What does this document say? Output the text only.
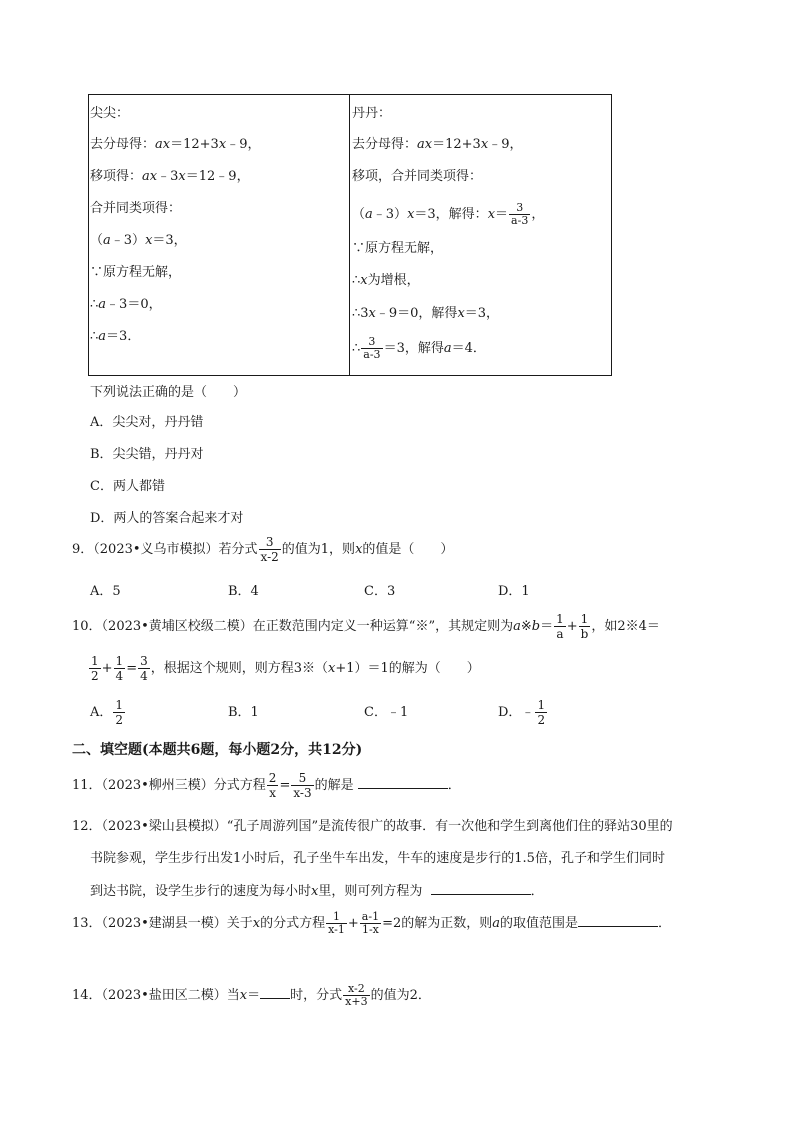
尖尖：
去分母得：ax＝12+3x﹣9，
移项得：ax﹣3x＝12﹣9，
合并同类项得：
（a﹣3）x＝3，
∵原方程无解，
∴a﹣3＝0，
∴a＝3．
丹丹：
去分母得：ax＝12+3x﹣9，
移项，合并同类项得：
（a﹣3）x＝3，解得：$x= \frac{3}{a-3}$ ，
∵原方程无解，
∴x为增根，
∴3x﹣9＝0，解得x＝3，
∴ $\frac{3}{a-3} =3$，解得a＝4．
下列说法正确的是（　　）
A．尖尖对，丹丹错
B．尖尖错，丹丹对
C．两人都错
D．两人的答案合起来才对
9．（2023•义乌市模拟）若分式 $\frac{3}{x-2}$ 的值为1，则x的值是（　　）
A．5	B．4	C．3	D．1
10．（2023•黄埔区校级二模）在正数范围内定义一种运算“※”，其规定则为a※b＝ $\frac{1}{a} + \frac{1}{b}$ ，如2※4＝
$\frac{1}{2} + \frac{1}{4} = \frac{3}{4}$ ，根据这个规则，则方程3※（x+1）＝1的解为（　　）
A． $\frac{1}{2}$	B．1	C．﹣1	D．﹣ $\frac{1}{2}$
二、填空题(本题共6题，每小题2分，共12分)
11．（2023•柳州三模）分式方程 $\frac{2}{x} = \frac{5}{x-3}$ 的解是	．
12．（2023•梁山县模拟）“孔子周游列国”是流传很广的故事．有一次他和学生到离他们住的驿站30里的
书院参观，学生步行出发1小时后，孔子坐牛车出发，牛车的速度是步行的1.5倍，孔子和学生们同时
到达书院，设学生步行的速度为每小时x里，则可列方程为	．
13．（2023•建湖县一模）关于x的分式方程 $\frac{1}{x-1} + \frac{a-1}{1-x} =2$的解为正数，则a的取值范围是	．
14．（2023•盐田区二模）当x＝ 时，分式 $\frac{x-2}{x+3}$ 的值为2．
